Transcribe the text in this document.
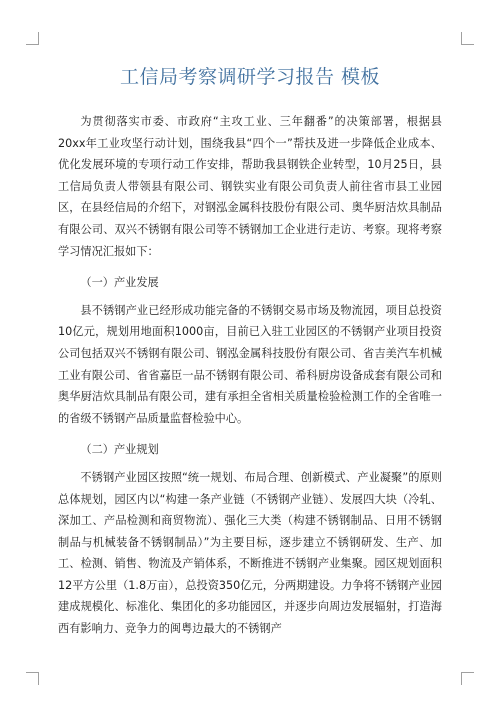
工信局考察调研学习报告 模板

为贯彻落实市委、市政府“主攻工业、三年翻番”的决策部署，根据县20xx年工业攻坚行动计划，围绕我县“四个一”帮扶及进一步降低企业成本、优化发展环境的专项行动工作安排，帮助我县钢铁企业转型，10月25日，县工信局负责人带领县有限公司、钢铁实业有限公司负责人前往省市县工业园区，在县经信局的介绍下，对钢泓金属科技股份有限公司、奥华厨洁炊具制品有限公司、双兴不锈钢有限公司等不锈钢加工企业进行走访、考察。现将考察学习情况汇报如下：

（一）产业发展

县不锈钢产业已经形成功能完备的不锈钢交易市场及物流园，项目总投资10亿元，规划用地面积1000亩，目前已入驻工业园区的不锈钢产业项目投资公司包括双兴不锈钢有限公司、钢泓金属科技股份有限公司、省吉美汽车机械工业有限公司、省省嘉臣一品不锈钢有限公司、希科厨房设备成套有限公司和奥华厨洁炊具制品有限公司，建有承担全省相关质量检验检测工作的全省唯一的省级不锈钢产品质量监督检验中心。

（二）产业规划

不锈钢产业园区按照“统一规划、布局合理、创新模式、产业凝聚”的原则总体规划，园区内以“构建一条产业链（不锈钢产业链）、发展四大块（冷轧、深加工、产品检测和商贸物流）、强化三大类（构建不锈钢制品、日用不锈钢制品与机械装备不锈钢制品）”为主要目标，逐步建立不锈钢研发、生产、加工、检测、销售、物流及产销体系，不断推进不锈钢产业集聚。园区规划面积12平方公里（1.8万亩），总投资350亿元，分两期建设。力争将不锈钢产业园建成规模化、标准化、集团化的多功能园区，并逐步向周边发展辐射，打造海西有影响力、竞争力的闽粤边最大的不锈钢产
